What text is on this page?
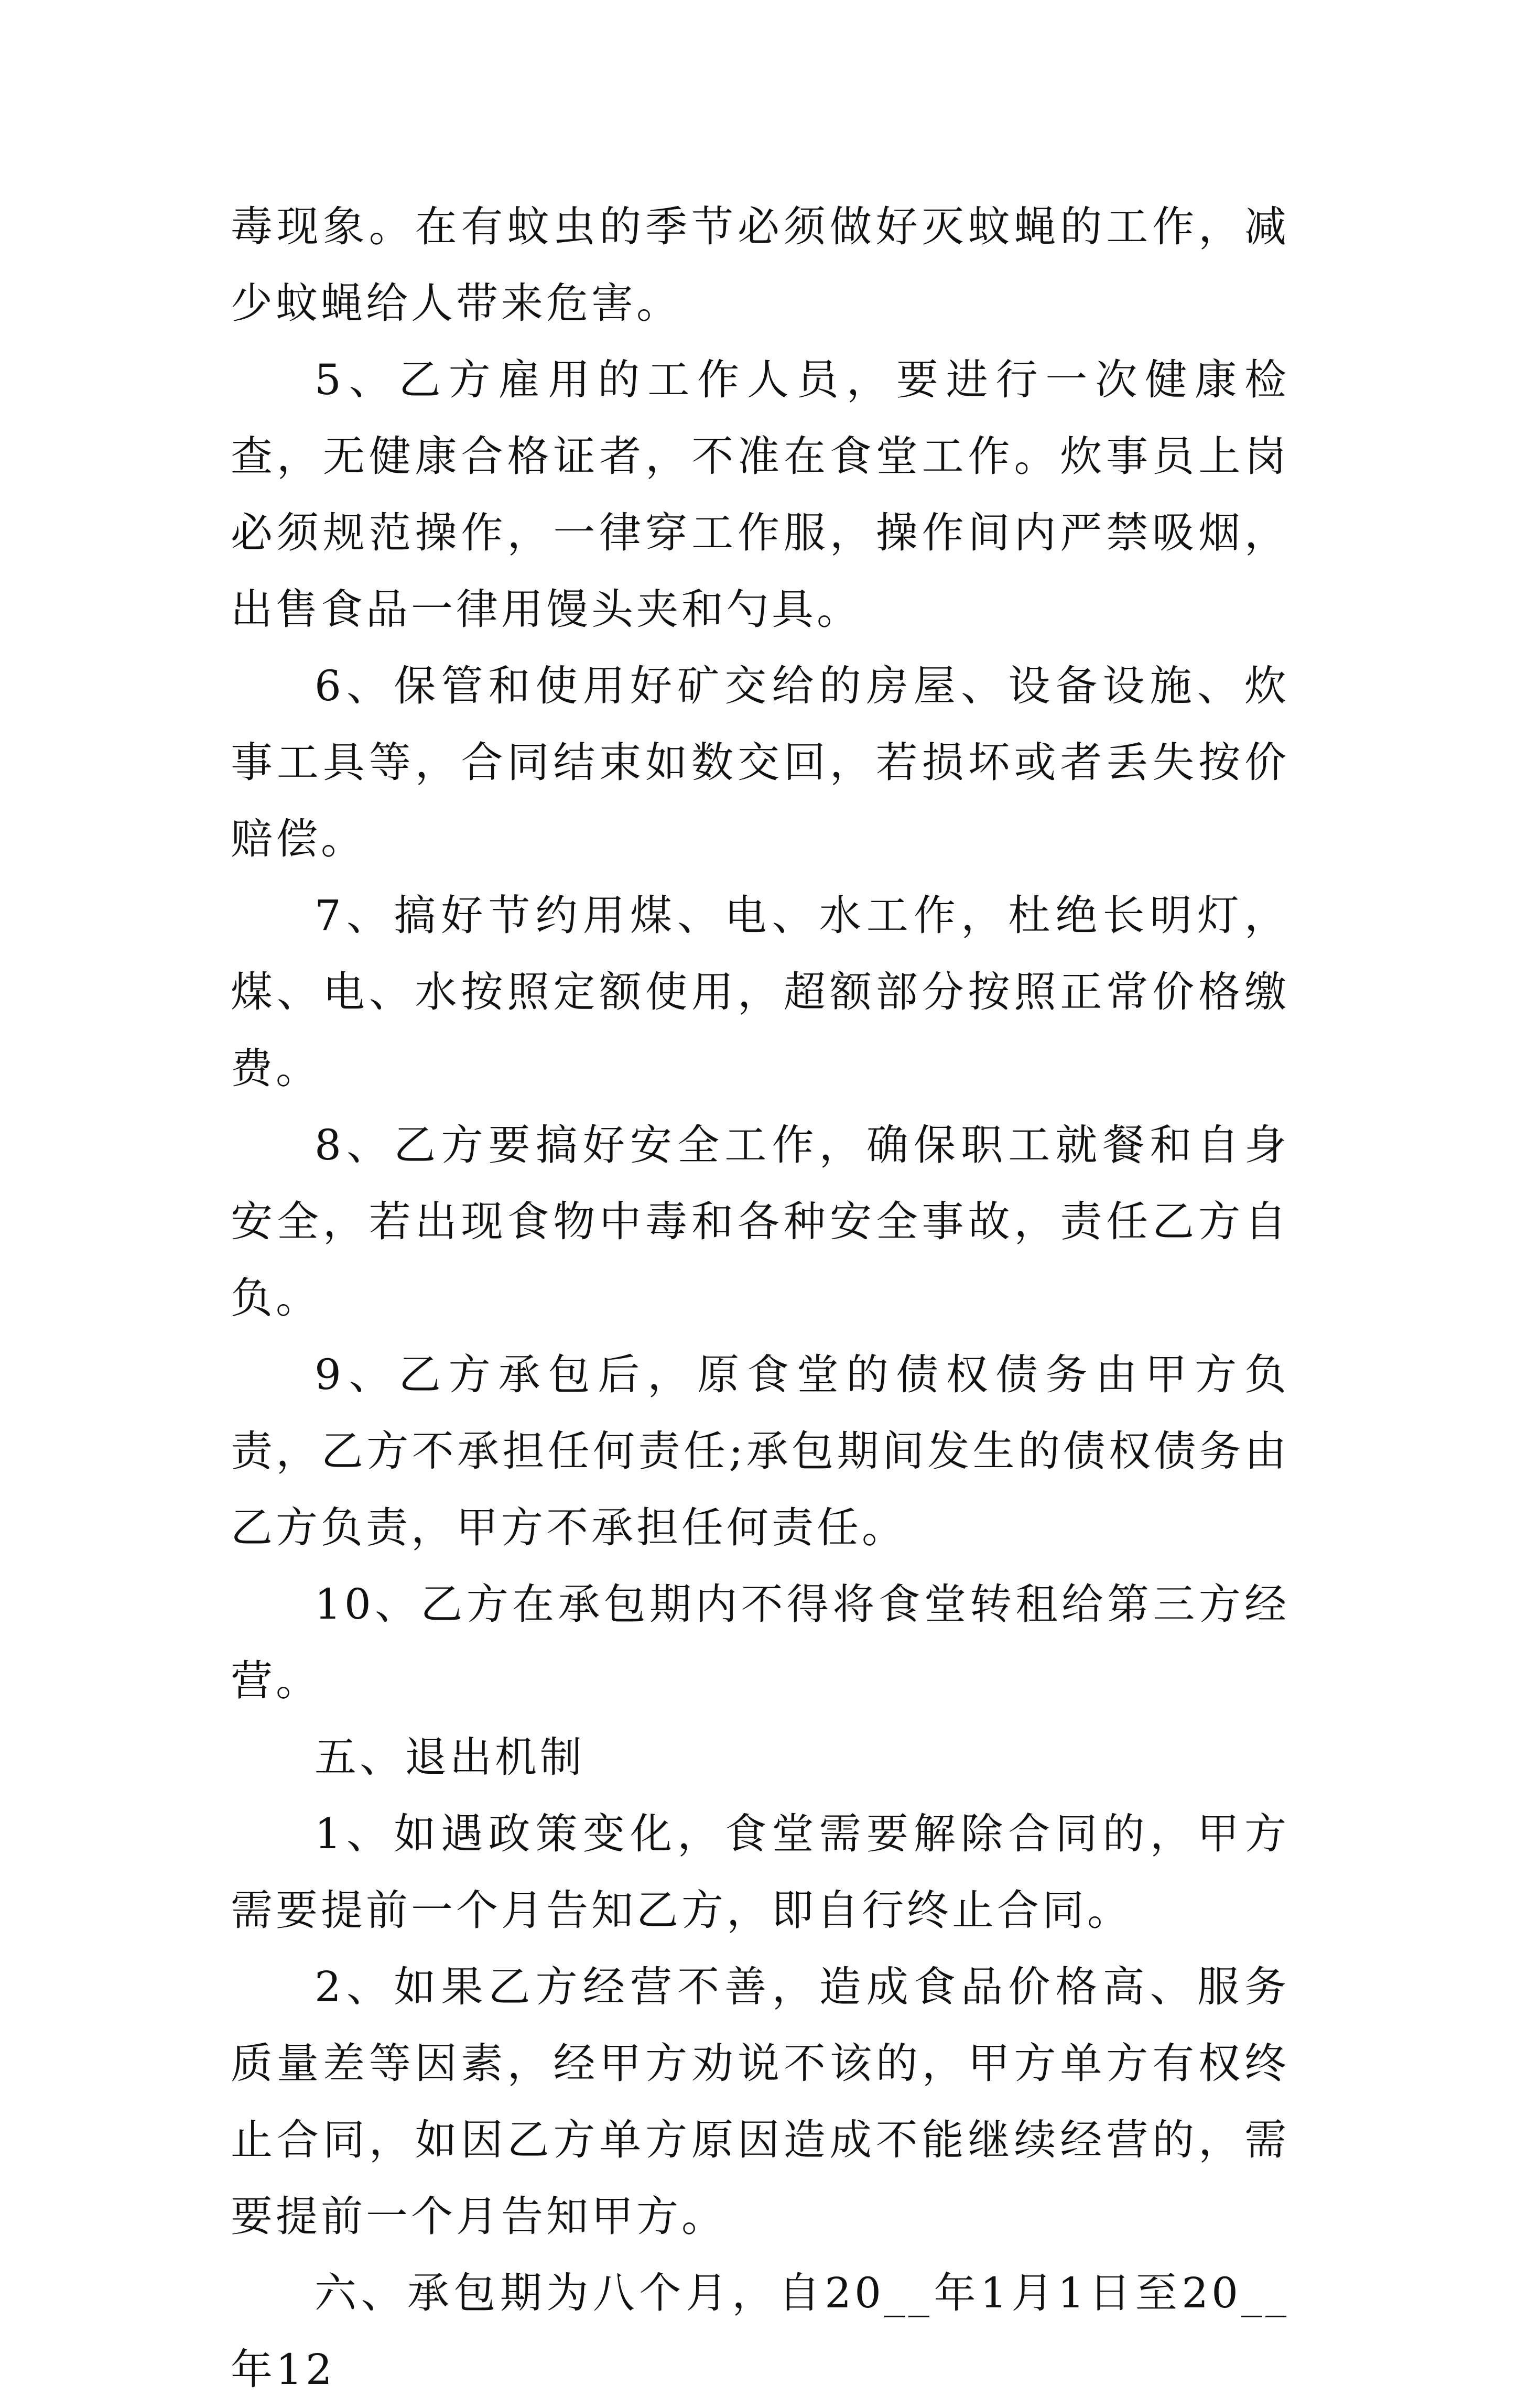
毒现象。在有蚊虫的季节必须做好灭蚊蝇的工作，减少蚊蝇给人带来危害。

5、乙方雇用的工作人员，要进行一次健康检查，无健康合格证者，不准在食堂工作。炊事员上岗必须规范操作，一律穿工作服，操作间内严禁吸烟，出售食品一律用馒头夹和勺具。

6、保管和使用好矿交给的房屋、设备设施、炊事工具等，合同结束如数交回，若损坏或者丢失按价赔偿。

7、搞好节约用煤、电、水工作，杜绝长明灯，煤、电、水按照定额使用，超额部分按照正常价格缴费。

8、乙方要搞好安全工作，确保职工就餐和自身安全，若出现食物中毒和各种安全事故，责任乙方自负。

9、乙方承包后，原食堂的债权债务由甲方负责，乙方不承担任何责任;承包期间发生的债权债务由乙方负责，甲方不承担任何责任。

10、乙方在承包期内不得将食堂转租给第三方经营。

五、退出机制

1、如遇政策变化，食堂需要解除合同的，甲方需要提前一个月告知乙方，即自行终止合同。

2、如果乙方经营不善，造成食品价格高、服务质量差等因素，经甲方劝说不该的，甲方单方有权终止合同，如因乙方单方原因造成不能继续经营的，需要提前一个月告知甲方。

六、承包期为八个月，自20__年1月1日至20__年12
